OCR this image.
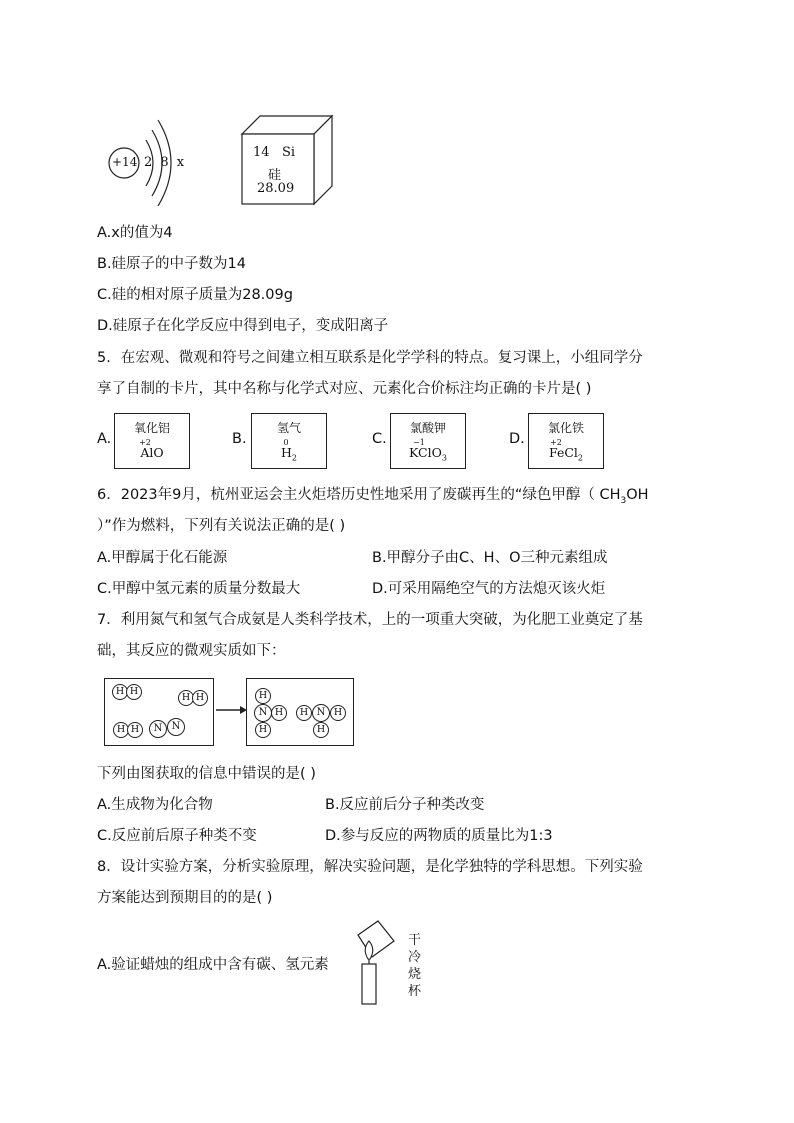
+14 2 8 x
14 Si
硅
28.09
A.x的值为4
B.硅原子的中子数为14
C.硅的相对原子质量为28.09g
D.硅原子在化学反应中得到电子，变成阳离子
5．在宏观、微观和符号之间建立相互联系是化学学科的特点。复习课上，小组同学分
享了自制的卡片，其中名称与化学式对应、元素化合价标注均正确的卡片是( )
A.
氧化铝
+2
AlO
B.
氢气
0
$H_2$
C.
氯酸钾
−1
KClO$_3$
D.
氯化铁
+2
FeCl$_2$
6．2023年9月，杭州亚运会主火炬塔历史性地采用了废碳再生的“绿色甲醇（ $CH_3OH$
）”作为燃料，下列有关说法正确的是( )
A.甲醇属于化石能源	B.甲醇分子由C、H、O三种元素组成
C.甲醇中氢元素的质量分数最大	D.可采用隔绝空气的方法熄灭该火炬
7．利用氮气和氢气合成氨是人类科学技术，上的一项重大突破，为化肥工业奠定了基
础，其反应的微观实质如下：
H H
H H
H H	N N
H
N H
H
H N H
H
下列由图获取的信息中错误的是( )
A.生成物为化合物	B.反应前后分子种类改变
C.反应前后原子种类不变	D.参与反应的两物质的质量比为1:3
8．设计实验方案，分析实验原理，解决实验问题，是化学独特的学科思想。下列实验
方案能达到预期目的的是( )
A.验证蜡烛的组成中含有碳、氢元素
干
冷
烧
杯
